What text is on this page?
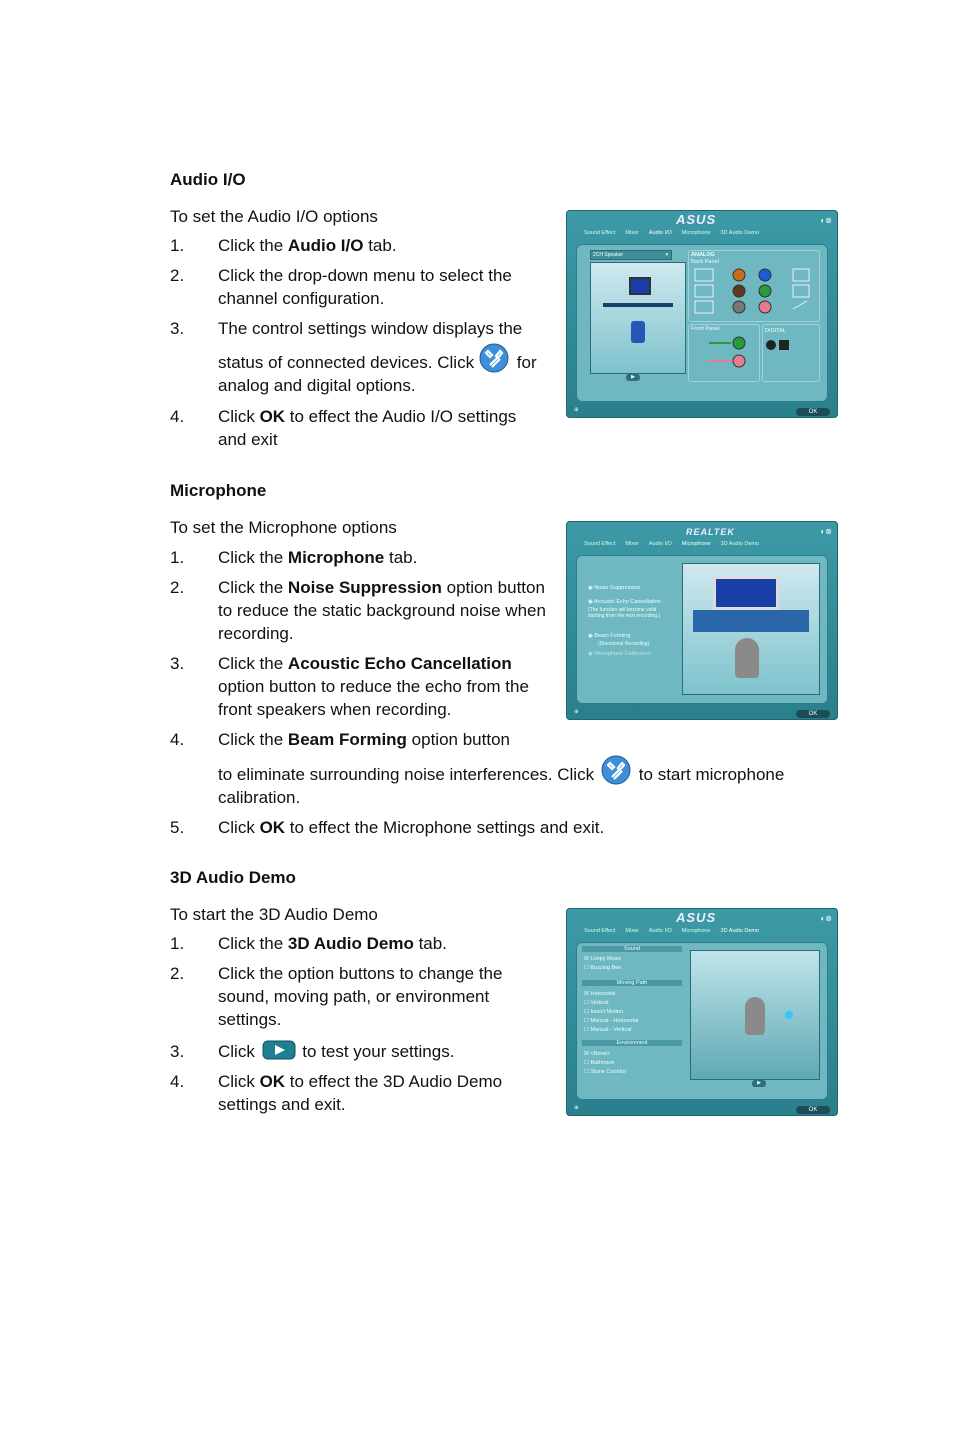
Audio I/O
To set the Audio I/O options
1. Click the Audio I/O tab.
2. Click the drop-down menu to select the
channel configuration.
3. The control settings window displays the
status of connected devices. Click for
analog and digital options.
4. Click OK to effect the Audio I/O settings
and exit
ASUS	◐⊗
Sound Effect Mixer Audio I/O Microphone 3D Audio Demo
2CH Speaker	▾
▶
ANALOG
Back Panel
Front Panel	DIGITAL
⊕	OK
Microphone
To set the Microphone options
1. Click the Microphone tab.
2. Click the Noise Suppression option button
to reduce the static background noise when
recording.
3. Click the Acoustic Echo Cancellation
option button to reduce the echo from the
front speakers when recording.
4. Click the Beam Forming option button
to eliminate surrounding noise interferences. Click to start microphone
calibration.
5. Click OK to effect the Microphone settings and exit.
REALTEK	◐⊗
Sound Effect Mixer Audio I/O Microphone 3D Audio Demo
◉ Noise Suppression
◉ Acoustic Echo Cancellation
(The function will become valid
starting from the next recording.)
◉ Beam Forming
(Directional Recording)
◉ Microphone Calibration
⊕	OK
3D Audio Demo
To start the 3D Audio Demo
1. Click the 3D Audio Demo tab.
2. Click the option buttons to change the
sound, moving path, or environment
settings.
3. Click  to test your settings.
4. Click OK to effect the 3D Audio Demo
settings and exit.
ASUS	◐⊗
Sound Effect Mixer Audio I/O Microphone 3D Audio Demo
Sound
☒ Loopy Music
☐ Buzzing Bee
Moving Path
☒ Horizontal
☐ Vertical
☐ Insect Motion
☐ Manual - Horizontal
☐ Manual - Vertical
Environment
☒ <None>
☐ Bathroom
☐ Stone Corridor
▶
⊕	OK
